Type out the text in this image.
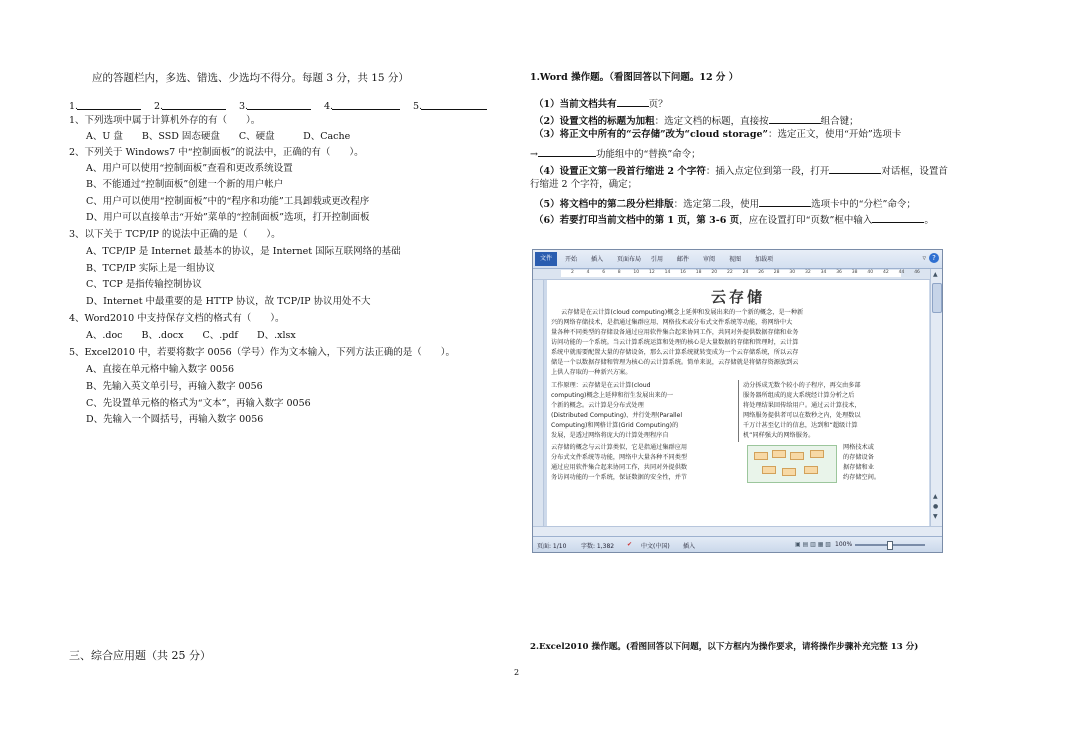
应的答题栏内，多选、错选、少选均不得分。每题 3 分，共 15 分）
1.	2.	3.	4.	5.
1、下列选项中属于计算机外存的有（　　）。
A、U 盘　　B、SSD 固态硬盘　　C、硬盘　　　D、Cache
2、下列关于 Windows7 中“控制面板”的说法中，正确的有（　　）。
A、用户可以使用“控制面板”查看和更改系统设置
B、不能通过“控制面板”创建一个新的用户帐户
C、用户可以使用“控制面板”中的“程序和功能”工具卸载或更改程序
D、用户可以直接单击“开始”菜单的“控制面板”选项，打开控制面板
3、以下关于 TCP/IP 的说法中正确的是（　　）。
A、TCP/IP 是 Internet 最基本的协议，是 Internet 国际互联网络的基础
B、TCP/IP 实际上是一组协议
C、TCP 是指传输控制协议
D、Internet 中最重要的是 HTTP 协议，故 TCP/IP 协议用处不大
4、Word2010 中支持保存文档的格式有（　　）。
A、.doc　　B、.docx　　C、.pdf　　D、.xlsx
5、Excel2010 中，若要将数字 0056（学号）作为文本输入，下列方法正确的是（　　）。
A、直接在单元格中输入数字 0056
B、先输入英文单引号，再输入数字 0056
C、先设置单元格的格式为“文本”，再输入数字 0056
D、先输入一个圆括号，再输入数字 0056
三、综合应用题（共 25 分）
1.Word 操作题。（看图回答以下问题。12 分 ）
（1）当前文档共有	页？
（2）设置文档的标题为加粗：选定文档的标题，直接按	组合键；
（3）将正文中所有的“云存储”改为“cloud storage”：选定正文，使用“开始”选项卡
→	功能组中的“替换”命令；
（4）设置正文第一段首行缩进 2 个字符：插入点定位到第一段，打开	对话框，设置首
行缩进 2 个字符，确定；
（5）将文档中的第二段分栏排版：选定第二段，使用	选项卡中的“分栏”命令；
（6）若要打印当前文档中的第 1 页，第 3-6 页，应在设置打印“页数”框中输入	。
文件	开始 插入 页面布局 引用 邮件 审阅 视图 加载项	▿ ?
2	4	6	8	10 12 14 16 18 20 22 24 26 28 30 32 34 36 38 40 42 44 46
云存储
云存储是在云计算(cloud computing)概念上延伸和发展出来的一个新的概念，是一种新
兴的网络存储技术，是指通过集群应用、网格技术或分布式文件系统等功能，将网络中大
量各种不同类型的存储设备通过应用软件集合起来协同工作，共同对外提供数据存储和业务
访问功能的一个系统。当云计算系统运算和处理的核心是大量数据的存储和管理时，云计算
系统中就需要配置大量的存储设备，那么云计算系统就转变成为一个云存储系统，所以云存
储是一个以数据存储和管理为核心的云计算系统。简单来说，云存储就是将储存资源放到云
上供人存取的一种新兴方案。
工作原理：云存储是在云计算(cloud
computing)概念上延伸和衍生发展出来的一
个新的概念。云计算是分布式处理
(Distributed Computing)、并行处理(Parallel
Computing)和网格计算(Grid Computing)的
发展，是透过网络将庞大的计算处理程序自
动分拆成无数个较小的子程序，再交由多部
服务器所组成的庞大系统经计算分析之后
将处理结果回传给用户。通过云计算技术，
网络服务提供者可以在数秒之内，处理数以
千万计甚至亿计的信息，达到和“超级计算
机”同样强大的网络服务。
云存储的概念与云计算类似，它是指通过集群应用
分布式文件系统等功能，网络中大量各种不同类型
通过应用软件集合起来协同工作，共同对外提供数
务访问功能的一个系统，保证数据的安全性，并节
网格技术或
的存储设备
据存储和业
约存储空间。
▲
▲
●
▼
页面: 1/10 字数: 1,382 ✔ 中文(中国) 插入	▣ ▤ ▥ ▦ ▧ 100%
2.Excel2010 操作题。(看图回答以下问题，以下方框内为操作要求，请将操作步骤补充完整 13 分)
2
